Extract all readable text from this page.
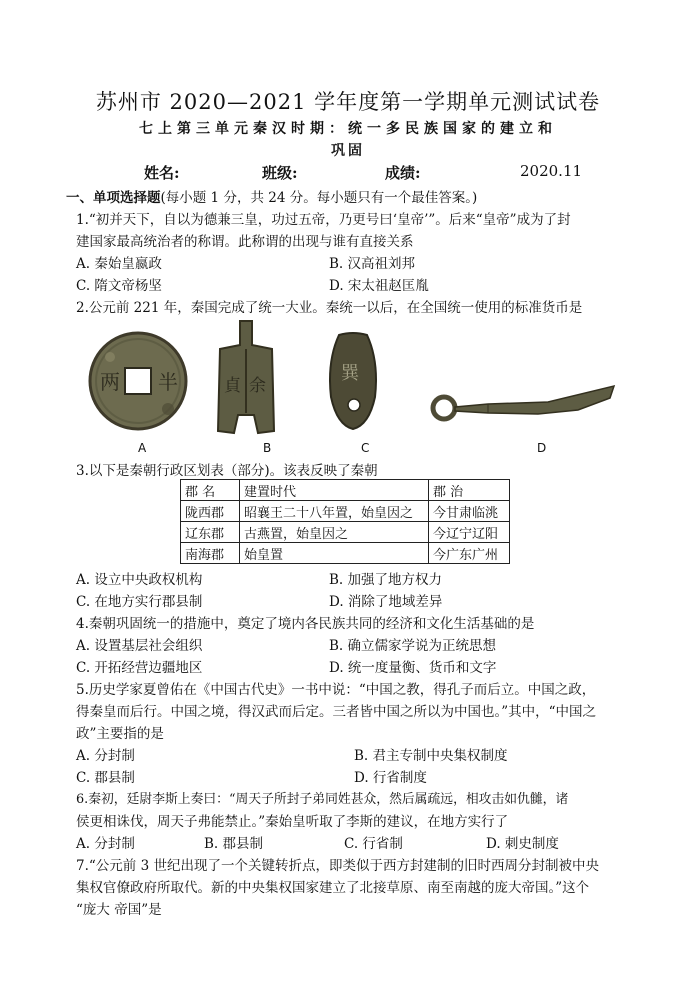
苏州市 2020—2021 学年度第一学期单元测试试卷
七上第三单元秦汉时期：统一多民族国家的建立和
巩固
姓名:	班级:	成绩:	2020.11
一、单项选择题(每小题 1 分，共 24 分。每小题只有一个最佳答案。)
1.“初并天下，自以为德兼三皇，功过五帝，乃更号曰‘皇帝’”。后来“皇帝”成为了封
建国家最高统治者的称谓。此称谓的出现与谁有直接关系
A. 秦始皇嬴政	B. 汉高祖刘邦
C. 隋文帝杨坚	D. 宋太祖赵匡胤
2.公元前 221 年，秦国完成了统一大业。秦统一以后，在全国统一使用的标准货币是
两 半	貞 余
巽
A	B	C	D
3.以下是秦朝行政区划表（部分)。该表反映了秦朝
郡 名	建置时代	郡 治
陇西郡	昭襄王二十八年置，始皇因之	今甘肃临洮
辽东郡	古燕置，始皇因之	今辽宁辽阳
南海郡	始皇置	今广东广州
A. 设立中央政权机构	B. 加强了地方权力
C. 在地方实行郡县制	D. 消除了地域差异
4.秦朝巩固统一的措施中，奠定了境内各民族共同的经济和文化生活基础的是
A. 设置基层社会组织	B. 确立儒家学说为正统思想
C. 开拓经营边疆地区	D. 统一度量衡、货币和文字
5.历史学家夏曾佑在《中国古代史》一书中说：“中国之教，得孔子而后立。中国之政，
得秦皇而后行。中国之境，得汉武而后定。三者皆中国之所以为中国也。”其中，“中国之
政”主要指的是
A. 分封制	B. 君主专制中央集权制度
C. 郡县制	D. 行省制度
6.秦初，廷尉李斯上奏曰：“周天子所封子弟同姓甚众，然后属疏远，相攻击如仇雠，诸
侯更相诛伐，周天子弗能禁止。”秦始皇听取了李斯的建议，在地方实行了
A. 分封制	B. 郡县制	C. 行省制	D. 刺史制度
7.“公元前 3 世纪出现了一个关键转折点，即类似于西方封建制的旧时西周分封制被中央
集权官僚政府所取代。新的中央集权国家建立了北接草原、南至南越的庞大帝国。”这个
“庞大 帝国”是
